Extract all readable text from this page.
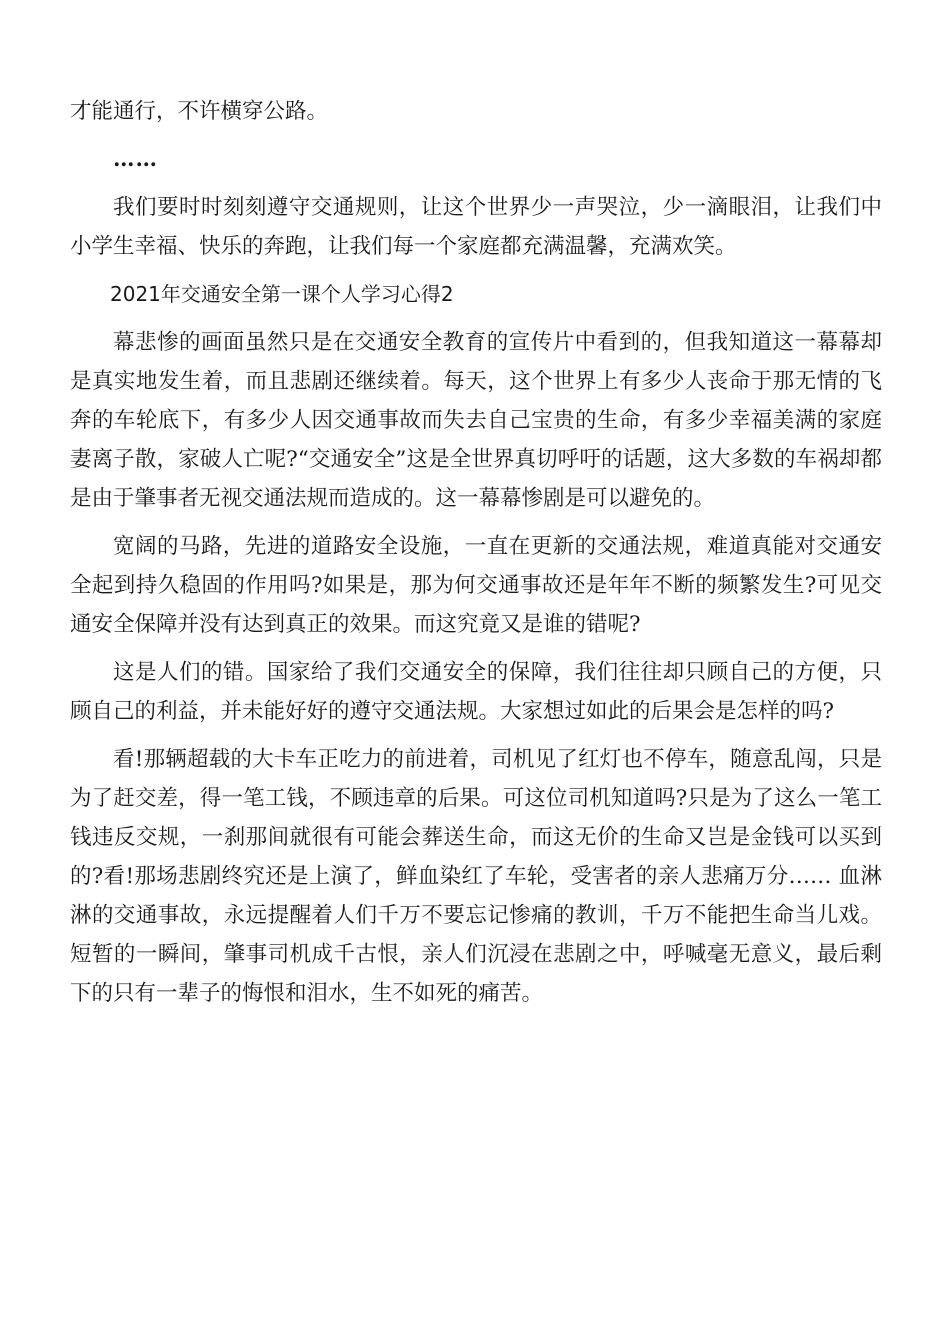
才能通行，不许横穿公路。

……

我们要时时刻刻遵守交通规则，让这个世界少一声哭泣，少一滴眼泪，让我们中小学生幸福、快乐的奔跑，让我们每一个家庭都充满温馨，充满欢笑。

2021年交通安全第一课个人学习心得2

幕悲惨的画面虽然只是在交通安全教育的宣传片中看到的，但我知道这一幕幕却是真实地发生着，而且悲剧还继续着。每天，这个世界上有多少人丧命于那无情的飞奔的车轮底下，有多少人因交通事故而失去自己宝贵的生命，有多少幸福美满的家庭妻离子散，家破人亡呢?“交通安全”这是全世界真切呼吁的话题，这大多数的车祸却都是由于肇事者无视交通法规而造成的。这一幕幕惨剧是可以避免的。

宽阔的马路，先进的道路安全设施，一直在更新的交通法规，难道真能对交通安全起到持久稳固的作用吗?如果是，那为何交通事故还是年年不断的频繁发生?可见交通安全保障并没有达到真正的效果。而这究竟又是谁的错呢?

这是人们的错。国家给了我们交通安全的保障，我们往往却只顾自己的方便，只顾自己的利益，并未能好好的遵守交通法规。大家想过如此的后果会是怎样的吗?

看!那辆超载的大卡车正吃力的前进着，司机见了红灯也不停车，随意乱闯，只是为了赶交差，得一笔工钱，不顾违章的后果。可这位司机知道吗?只是为了这么一笔工钱违反交规，一刹那间就很有可能会葬送生命，而这无价的生命又岂是金钱可以买到的?看!那场悲剧终究还是上演了，鲜血染红了车轮，受害者的亲人悲痛万分…… 血淋淋的交通事故，永远提醒着人们千万不要忘记惨痛的教训，千万不能把生命当儿戏。短暂的一瞬间，肇事司机成千古恨，亲人们沉浸在悲剧之中，呼喊毫无意义，最后剩下的只有一辈子的悔恨和泪水，生不如死的痛苦。
